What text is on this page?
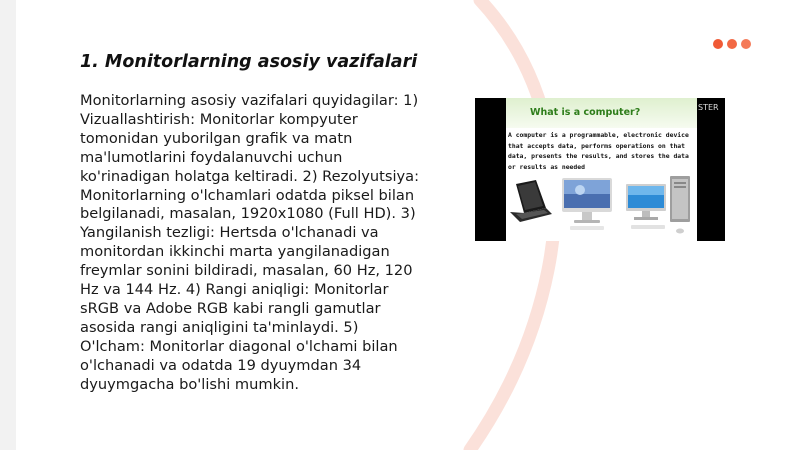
1. Monitorlarning asosiy vazifalari

Monitorlarning asosiy vazifalari quyidagilar: 1) Vizuallashtirish: Monitorlar kompyuter tomonidan yuborilgan grafik va matn ma'lumotlarini foydalanuvchi uchun ko'rinadigan holatga keltiradi. 2) Rezolyutsiya: Monitorlarning o'lchamlari odatda piksel bilan belgilanadi, masalan, 1920x1080 (Full HD). 3) Yangilanish tezligi: Hertsda o'lchanadi va monitordan ikkinchi marta yangilanadigan freymlar sonini bildiradi, masalan, 60 Hz, 120 Hz va 144 Hz. 4) Rangi aniqligi: Monitorlar sRGB va Adobe RGB kabi rangli gamutlar asosida rangi aniqligini ta'minlaydi. 5) O'lcham: Monitorlar diagonal o'lchami bilan o'lchanadi va odatda 19 dyuymdan 34 dyuymgacha bo'lishi mumkin.

What is a computer?
A computer is a programmable, electronic device that accepts data, performs operations on that data, presents the results, and stores the data or results as needed
STER
